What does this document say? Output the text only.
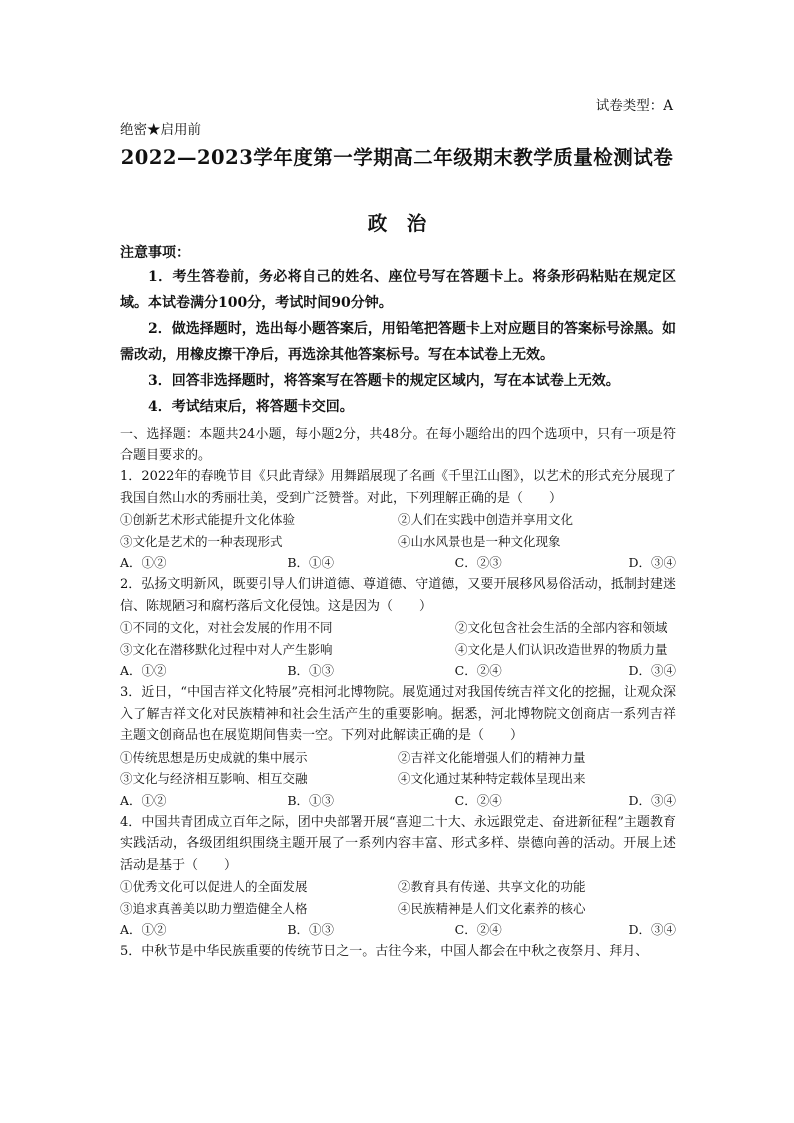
试卷类型：A
绝密★启用前
2022—2023学年度第一学期高二年级期末教学质量检测试卷
政　治
注意事项：

1．考生答卷前，务必将自己的姓名、座位号写在答题卡上。将条形码粘贴在规定区域。本试卷满分100分，考试时间90分钟。

2．做选择题时，选出每小题答案后，用铅笔把答题卡上对应题目的答案标号涂黑。如需改动，用橡皮擦干净后，再选涂其他答案标号。写在本试卷上无效。

3．回答非选择题时，将答案写在答题卡的规定区域内，写在本试卷上无效。

4．考试结束后，将答题卡交回。

一、选择题：本题共24小题，每小题2分，共48分。在每小题给出的四个选项中，只有一项是符合题目要求的。

1．2022年的春晚节目《只此青绿》用舞蹈展现了名画《千里江山图》，以艺术的形式充分展现了我国自然山水的秀丽壮美，受到广泛赞誉。对此，下列理解正确的是（　　）

①创新艺术形式能提升文化体验	②人们在实践中创造并享用文化
③文化是艺术的一种表现形式	④山水风景也是一种文化现象
A．①②	B．①④	C．②③	D．③④

2．弘扬文明新风，既要引导人们讲道德、尊道德、守道德，又要开展移风易俗活动，抵制封建迷信、陈规陋习和腐朽落后文化侵蚀。这是因为（　　）

①不同的文化，对社会发展的作用不同	②文化包含社会生活的全部内容和领域
③文化在潜移默化过程中对人产生影响	④文化是人们认识改造世界的物质力量
A．①②	B．①③	C．②④	D．③④

3．近日，“中国吉祥文化特展”亮相河北博物院。展览通过对我国传统吉祥文化的挖掘，让观众深入了解吉祥文化对民族精神和社会生活产生的重要影响。据悉，河北博物院文创商店一系列吉祥主题文创商品也在展览期间售卖一空。下列对此解读正确的是（　　）

①传统思想是历史成就的集中展示	②吉祥文化能增强人们的精神力量
③文化与经济相互影响、相互交融	④文化通过某种特定载体呈现出来
A．①②	B．①③	C．②④	D．③④

4．中国共青团成立百年之际，团中央部署开展“喜迎二十大、永远跟党走、奋进新征程”主题教育实践活动，各级团组织围绕主题开展了一系列内容丰富、形式多样、崇德向善的活动。开展上述活动是基于（　　）

①优秀文化可以促进人的全面发展	②教育具有传递、共享文化的功能
③追求真善美以助力塑造健全人格	④民族精神是人们文化素养的核心
A．①②	B．①③	C．②④	D．③④

5．中秋节是中华民族重要的传统节日之一。古往今来，中国人都会在中秋之夜祭月、拜月、
